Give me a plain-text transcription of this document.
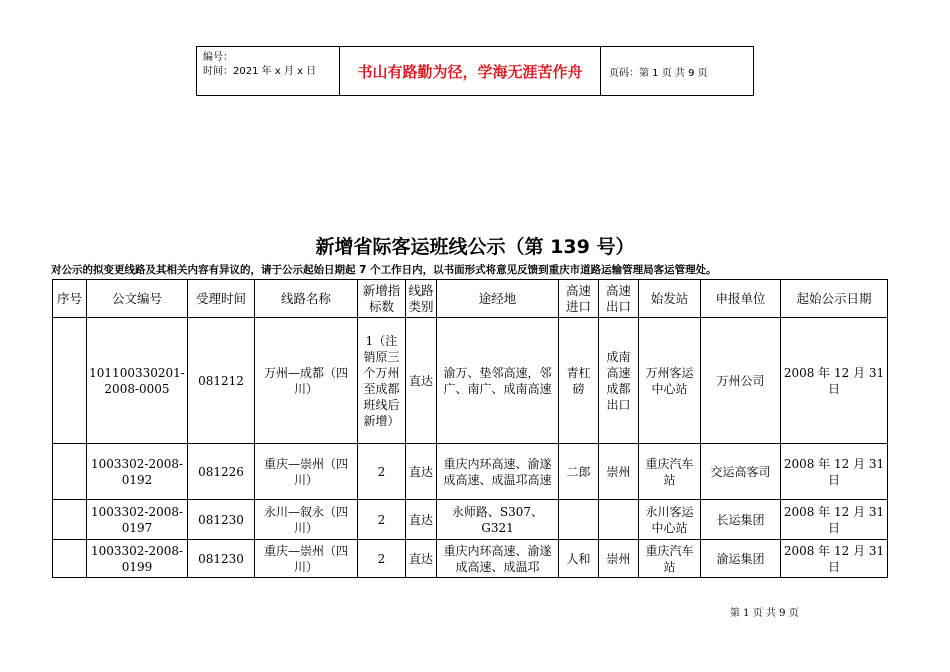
编号：
时间：2021 年 x 月 x 日	书山有路勤为径，学海无涯苦作舟	页码：第 1 页 共 9 页
新增省际客运班线公示（第 139 号）
对公示的拟变更线路及其相关内容有异议的，请于公示起始日期起 7 个工作日内，以书面形式将意见反馈到重庆市道路运输管理局客运管理处。
序号	公文编号	受理时间	线路名称	新增指标数	线路类别	途经地	高速进口	高速出口	始发站	申报单位	起始公示日期
	101100330201-2008-0005	081212	万州—成都（四川）	1（注销原三个万州至成都班线后新增）	直达	渝万、垫邻高速，邻广、南广、成南高速	青杠磅	成南高速成都出口	万州客运中心站	万州公司	2008 年 12 月 31 日
	1003302-2008-0192	081226	重庆—崇州（四川）	2	直达	重庆内环高速、渝遂成高速、成温邛高速	二郎	崇州	重庆汽车站	交运高客司	2008 年 12 月 31 日
	1003302-2008-0197	081230	永川—叙永（四川）	2	直达	永师路、S307、G321			永川客运中心站	长运集团	2008 年 12 月 31 日
	1003302-2008-0199	081230	重庆—崇州（四川）	2	直达	重庆内环高速、渝遂成高速、成温邛	人和	崇州	重庆汽车站	渝运集团	2008 年 12 月 31 日
第 1 页 共 9 页
